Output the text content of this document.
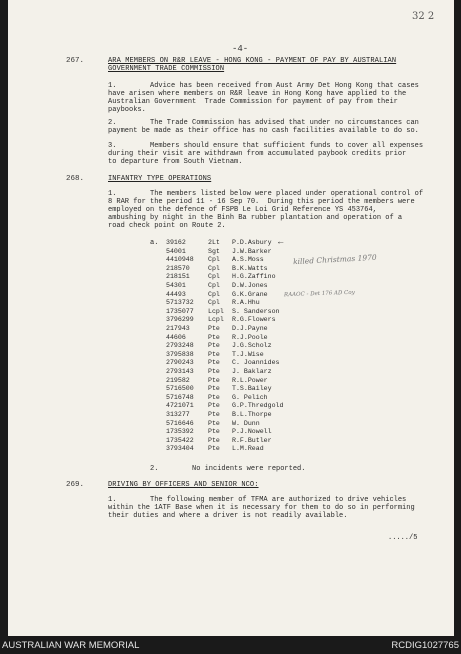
32 2
-4-
267.	ARA MEMBERS ON R&R LEAVE - HONG KONG - PAYMENT OF PAY BY AUSTRALIAN
GOVERNMENT TRADE COMMISSION
1.        Advice has been received from Aust Army Det Hong Kong that cases
have arisen where members on R&R leave in Hong Kong have applied to the
Australian Government  Trade Commission for payment of pay from their
paybooks.
2.        The Trade Commission has advised that under no circumstances can
payment be made as their office has no cash facilities available to do so.
3.        Members should ensure that sufficient funds to cover all expenses
during their visit are withdrawn from accumulated paybook credits prior
to departure from South Vietnam.
268.	INFANTRY TYPE OPERATIONS
1.        The members listed below were placed under operational control of
8 RAR for the period 11 - 16 Sep 70.  During this period the members were
employed on the defence of FSPB Le Loi Grid Reference YS 453764,
ambushing by night in the Binh Ba rubber plantation and operation of a
road check point on Route 2.
a. 39162	2Lt P.D.Asbury
54001	Sgt J.W.Barker
4410948 Cpl A.S.Moss
218570	Cpl B.K.Watts
218151	Cpl H.G.Zaffino
54301	Cpl D.W.Jones
44493	Cpl G.K.Grane
5713732 Cpl R.A.Hhu
1735077 Lcpl S. Sanderson
3796299 Lcpl R.G.Flowers
217943	Pte D.J.Payne
44606	Pte R.J.Poole
2793248 Pte J.G.Scholz
3795838 Pte T.J.Wise
2790243 Pte C. Joannides
2793143 Pte J. Baklarz
219582	Pte R.L.Power
5716500 Pte T.S.Bailey
5716748 Pte G. Pelich
4721071 Pte G.P.Thredgold
313277	Pte B.L.Thorpe
5716646 Pte W. Dunn
1735392 Pte P.J.Nowell
1735422 Pte R.F.Butler
3793404 Pte L.M.Read
←
killed Christmas 1970
RAAOC - Det 176 AD Coy
2.        No incidents were reported.
269.	DRIVING BY OFFICERS AND SENIOR NCO:
1.        The following member of TFMA are authorized to drive vehicles
within the 1ATF Base when it is necessary for them to do so in performing
their duties and where a driver is not readily available.
...../5
AUSTRALIAN WAR MEMORIAL	RCDIG1027765
